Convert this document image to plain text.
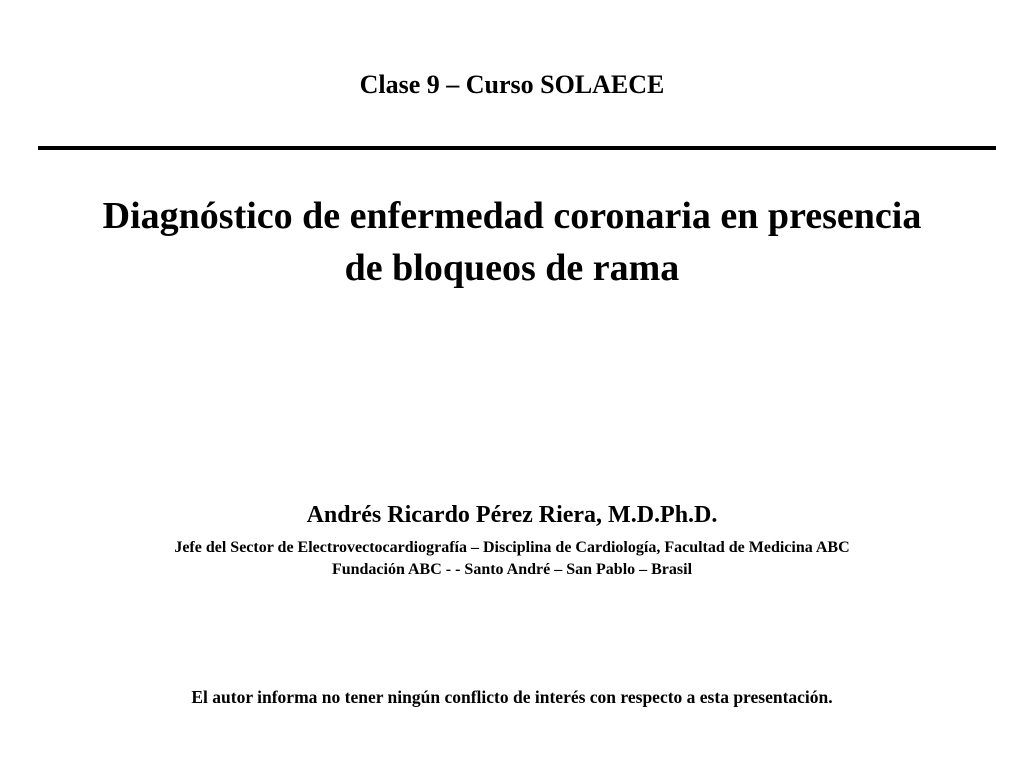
Clase 9 – Curso SOLAECE
Diagnóstico de enfermedad coronaria en presencia
de bloqueos de rama
Andrés Ricardo Pérez Riera, M.D.Ph.D.
Jefe del Sector de Electrovectocardiografía – Disciplina de Cardiología, Facultad de Medicina ABC
Fundación ABC - - Santo André – San Pablo – Brasil
El autor informa no tener ningún conflicto de interés con respecto a esta presentación.
